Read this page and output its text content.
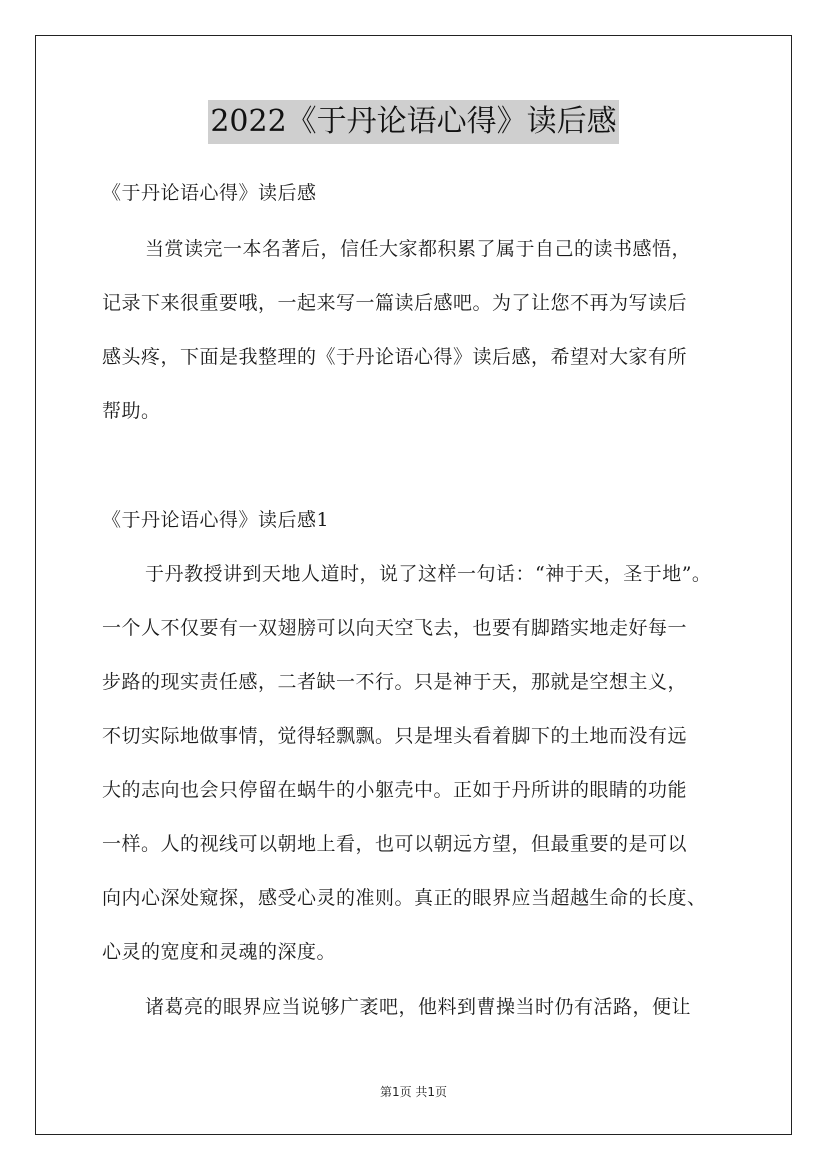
2022《于丹论语心得》读后感
《于丹论语心得》读后感
当赏读完一本名著后，信任大家都积累了属于自己的读书感悟，
记录下来很重要哦，一起来写一篇读后感吧。为了让您不再为写读后
感头疼，下面是我整理的《于丹论语心得》读后感，希望对大家有所
帮助。
《于丹论语心得》读后感1
于丹教授讲到天地人道时，说了这样一句话：“神于天，圣于地”。
一个人不仅要有一双翅膀可以向天空飞去，也要有脚踏实地走好每一
步路的现实责任感，二者缺一不行。只是神于天，那就是空想主义，
不切实际地做事情，觉得轻飘飘。只是埋头看着脚下的土地而没有远
大的志向也会只停留在蜗牛的小躯壳中。正如于丹所讲的眼睛的功能
一样。人的视线可以朝地上看，也可以朝远方望，但最重要的是可以
向内心深处窥探，感受心灵的准则。真正的眼界应当超越生命的长度、
心灵的宽度和灵魂的深度。
诸葛亮的眼界应当说够广袤吧，他料到曹操当时仍有活路，便让
第1页 共1页
